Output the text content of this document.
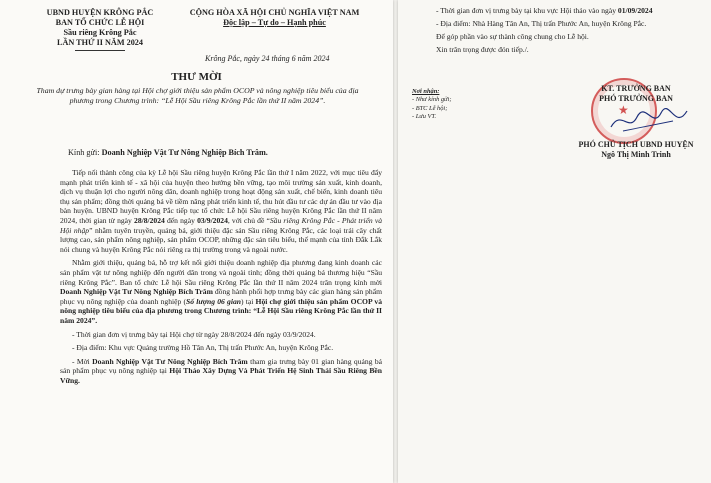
UBND HUYỆN KRÔNG PẮC
BAN TỔ CHỨC LỄ HỘI
Sầu riêng Krông Pắc
LẦN THỨ II NĂM 2024
CỘNG HÒA XÃ HỘI CHỦ NGHĨA VIỆT NAM
Độc lập – Tự do – Hạnh phúc
Krông Pắc, ngày 24 tháng 6 năm 2024
THƯ MỜI
Tham dự trưng bày gian hàng tại Hội chợ giới thiệu sản phẩm OCOP và nông nghiệp tiêu biểu của địa phương trong Chương trình: “Lễ Hội Sầu riêng Krông Pắc lần thứ II năm 2024”.
Kính gửi: Doanh Nghiệp Vật Tư Nông Nghiệp Bích Trâm.

Tiếp nối thành công của kỳ Lễ hội Sầu riêng huyện Krông Pắc lần thứ I năm 2022, với mục tiêu đẩy mạnh phát triển kinh tế - xã hội của huyện theo hướng bền vững, tạo môi trường sản xuất, kinh doanh, dịch vụ thuận lợi cho người nông dân, doanh nghiệp trong hoạt động sản xuất, chế biến, kinh doanh tiêu thụ sản phẩm; đồng thời quảng bá về tiềm năng phát triển kinh tế, thu hút đầu tư các dự án đầu tư vào địa bàn huyện. UBND huyện Krông Pắc tiếp tục tổ chức Lễ hội Sầu riêng huyện Krông Pắc lần thứ II năm 2024, thời gian từ ngày 28/8/2024 đến ngày 03/9/2024, với chủ đề “Sầu riêng Krông Pắc - Phát triển và Hội nhập” nhằm tuyên truyền, quảng bá, giới thiệu đặc sản Sầu riêng Krông Pắc, các loại trái cây chất lượng cao, sản phẩm nông nghiệp, sản phẩm OCOP, những đặc sản tiêu biểu, thế mạnh của tỉnh Đắk Lắk nói chung và huyện Krông Pắc nói riêng ra thị trường trong và ngoài nước.

Nhằm giới thiệu, quảng bá, hỗ trợ kết nối giới thiệu doanh nghiệp địa phương đang kinh doanh các sản phẩm vật tư nông nghiệp đến người dân trong và ngoài tỉnh; đồng thời quảng bá thương hiệu “Sầu riêng Krông Pắc”. Ban tổ chức Lễ hội Sầu riêng Krông Pắc lần thứ II năm 2024 trân trọng kính mời Doanh Nghiệp Vật Tư Nông Nghiệp Bích Trâm đồng hành phối hợp trưng bày các gian hàng sản phẩm phục vụ nông nghiệp của doanh nghiệp (Số lượng 06 gian) tại Hội chợ giới thiệu sản phẩm OCOP và nông nghiệp tiêu biểu của địa phương trong Chương trình: “Lễ Hội Sầu riêng Krông Pắc lần thứ II năm 2024”.

- Thời gian đơn vị trưng bày tại Hội chợ từ ngày 28/8/2024 đến ngày 03/9/2024.

- Địa điểm: Khu vực Quảng trường Hồ Tân An, Thị trấn Phước An, huyện Krông Pắc.

- Mời Doanh Nghiệp Vật Tư Nông Nghiệp Bích Trâm tham gia trưng bày 01 gian hàng quảng bá sản phẩm phục vụ nông nghiệp tại Hội Thảo Xây Dựng Và Phát Triển Hệ Sinh Thái Sầu Riêng Bền Vững.

- Thời gian đơn vị trưng bày tại khu vực Hội thảo vào ngày 01/09/2024

- Địa điểm: Nhà Hàng Tân An, Thị trấn Phước An, huyện Krông Pắc.

Để góp phần vào sự thành công chung cho Lễ hội.

Xin trân trọng được đón tiếp./.

Nơi nhận:
- Như kính gửi;
- BTC Lễ hội;
- Lưu VT.	★
KT. TRƯỞNG BAN
PHÓ TRƯỞNG BAN
PHÓ CHỦ TỊCH UBND HUYỆN
Ngô Thị Minh Trinh
